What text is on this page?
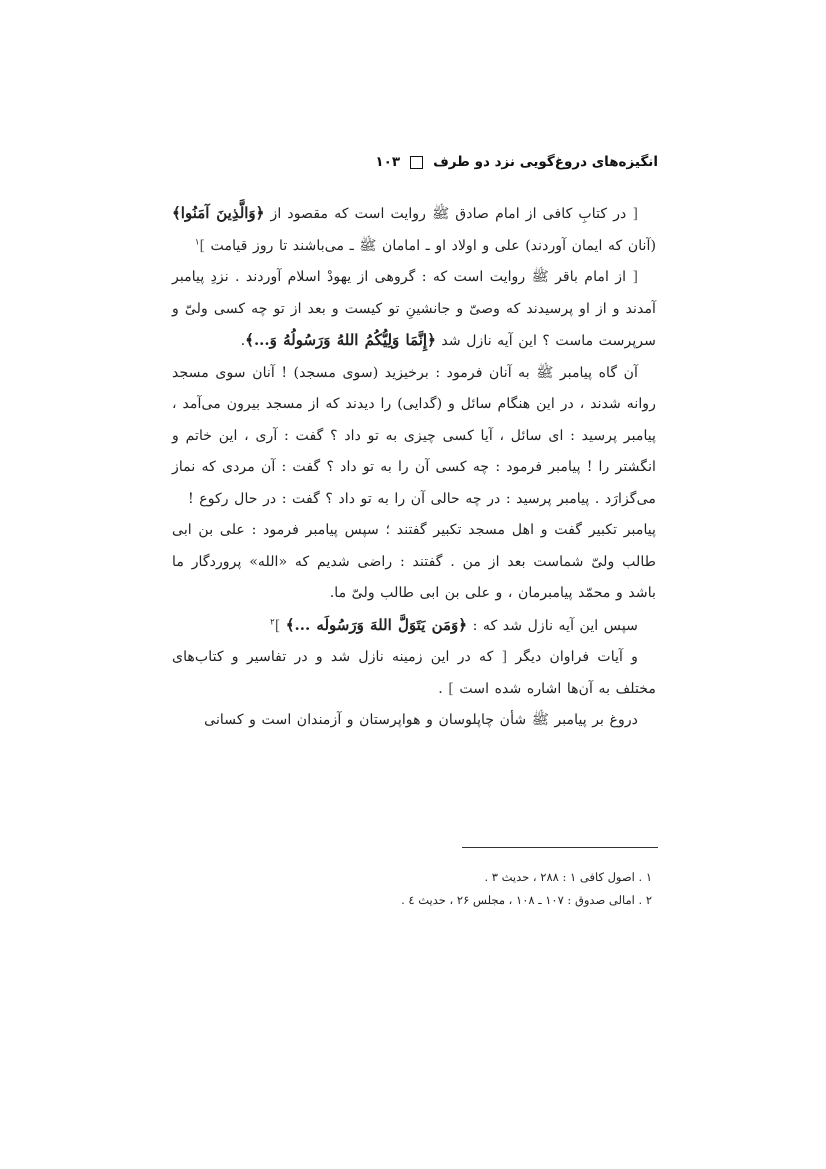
انگیزه‌های دروغ‌گویی نزد دو طرف
۱۰۳

[ در کتابِ کافی از امام صادق ﷺ روایت است که مقصود از ﴿وَالَّذِينَ آمَنُوا﴾ (آنان که ایمان آوردند) علی و اولاد او ـ امامان ﷺ ـ می‌باشند تا روز قیامت ]$^۱$

[ از امام باقر ﷺ روایت است که : گروهی از یهودْ اسلام آوردند . نزدِ پیامبر آمدند و از او پرسیدند که وصیّ و جانشینِ تو کیست و بعد از تو چه کسی ولیّ و سرپرست ماست ؟ این آیه نازل شد ﴿إِنَّمَا وَلِيُّكُمُ اللهُ وَرَسُولُهُ وَ...﴾.

آن گاه پیامبر ﷺ به آنان فرمود : برخیزید (سوی مسجد) ! آنان سوی مسجد روانه شدند ، در این هنگام سائل و (گدایی) را دیدند که از مسجد بیرون می‌آمد ، پیامبر پرسید : ای سائل ، آیا کسی چیزی به تو داد ؟ گفت : آری ، این خاتم و انگشتر را ! پیامبر فرمود : چه کسی آن را به تو داد ؟ گفت : آن مردی که نماز می‌گزارَد . پیامبر پرسید : در چه حالی آن را به تو داد ؟ گفت : در حال رکوع !

پیامبر تکبیر گفت و اهل مسجد تکبیر گفتند ؛ سپس پیامبر فرمود : علی بن ابی طالب ولیّ شماست بعد از من . گفتند : راضی شدیم که «الله» پروردگار ما باشد و محمّد پیامبرمان ، و علی بن ابی طالب ولیّ ما.

سپس این آیه نازل شد که : ﴿وَمَن يَتَوَلَّ اللهَ وَرَسُولَه ...﴾ ]$^۲$

و آیات فراوان دیگر [ که در این زمینه نازل شد و در تفاسیر و کتاب‌های مختلف به آن‌ها اشاره شده است ] .

دروغ بر پیامبر ﷺ شأن چاپلوسان و هواپرستان و آزمندان است و کسانی

۱ . اصول کافی ۱ : ۲۸۸ ، حدیث ۳ .
۲ . امالی صدوق : ۱۰۷ ـ ۱۰۸ ، مجلس ۲۶ ، حدیث ٤ .
